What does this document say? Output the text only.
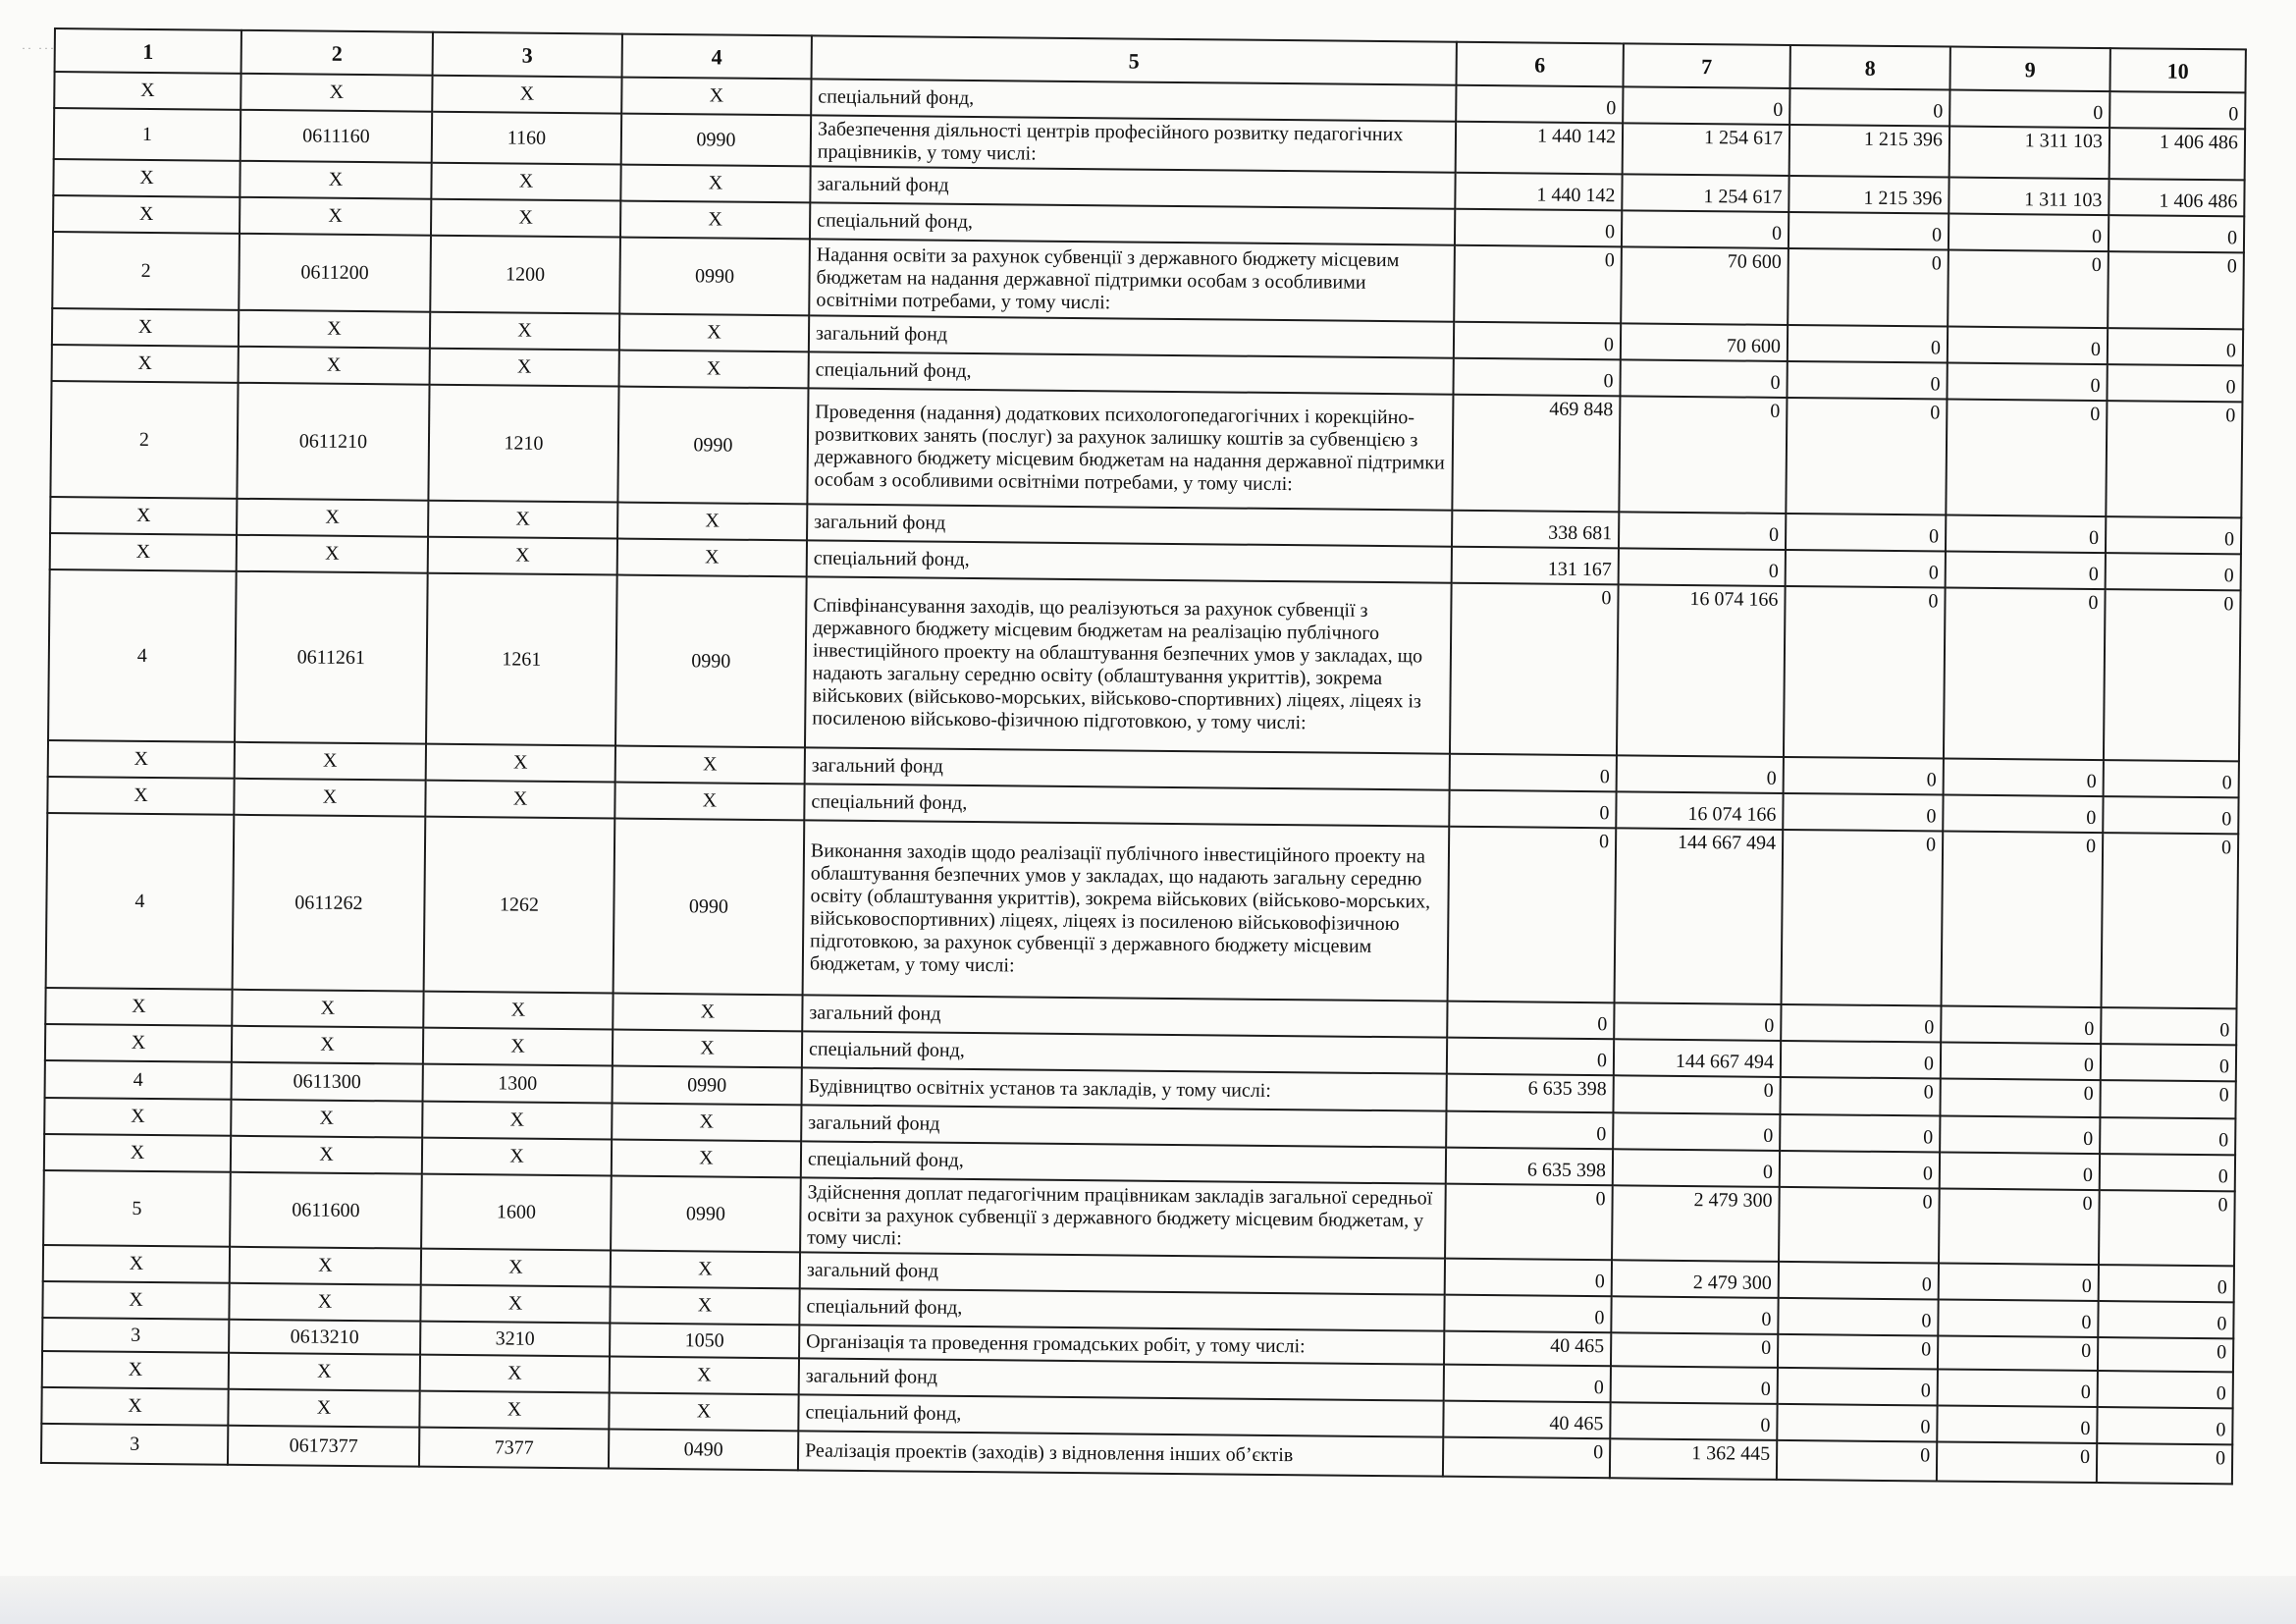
·· ···	1	2	3	4	5	6	7	8	9	10
X	X	X	X	спеціальний фонд,	0	0	0	0	0
1	0611160	1160	0990	Забезпечення діяльності центрів професійного розвитку педагогічних працівників, у тому числі:	1 440 142	1 254 617	1 215 396	1 311 103	1 406 486
X	X	X	X	загальний фонд	1 440 142	1 254 617	1 215 396	1 311 103	1 406 486
X	X	X	X	спеціальний фонд,	0	0	0	0	0
2	0611200	1200	0990	Надання освіти за рахунок субвенції з державного бюджету місцевим бюджетам на надання державної підтримки особам з особливими освітніми потребами, у тому числі:	0	70 600	0	0	0
X	X	X	X	загальний фонд	0	70 600	0	0	0
X	X	X	X	спеціальний фонд,	0	0	0	0	0
2	0611210	1210	0990	Проведення (надання) додаткових психологопедагогічних і корекційно-розвиткових занять (послуг) за рахунок залишку коштів за субвенцією з державного бюджету місцевим бюджетам на надання державної підтримки особам з особливими освітніми потребами, у тому числі:	469 848	0	0	0	0
X	X	X	X	загальний фонд	338 681	0	0	0	0
X	X	X	X	спеціальний фонд,	131 167	0	0	0	0
4	0611261	1261	0990	Співфінансування заходів, що реалізуються за рахунок субвенції з державного бюджету місцевим бюджетам на реалізацію публічного інвестиційного проекту на облаштування безпечних умов у закладах, що надають загальну середню освіту (облаштування укриттів), зокрема військових (військово-морських, військово-спортивних) ліцеях, ліцеях із посиленою військово-фізичною підготовкою, у тому числі:	0	16 074 166	0	0	0
X	X	X	X	загальний фонд	0	0	0	0	0
X	X	X	X	спеціальний фонд,	0	16 074 166	0	0	0
4	0611262	1262	0990	Виконання заходів щодо реалізації публічного інвестиційного проекту на облаштування безпечних умов у закладах, що надають загальну середню освіту (облаштування укриттів), зокрема військових (військово-морських, військовоспортивних) ліцеях, ліцеях із посиленою військовофізичною підготовкою, за рахунок субвенції з державного бюджету місцевим бюджетам, у тому числі:	0	144 667 494	0	0	0
X	X	X	X	загальний фонд	0	0	0	0	0
X	X	X	X	спеціальний фонд,	0	144 667 494	0	0	0
4	0611300	1300	0990	Будівництво освітніх установ та закладів, у тому числі:	6 635 398	0	0	0	0
X	X	X	X	загальний фонд	0	0	0	0	0
X	X	X	X	спеціальний фонд,	6 635 398	0	0	0	0
5	0611600	1600	0990	Здійснення доплат педагогічним працівникам закладів загальної середньої освіти за рахунок субвенції з державного бюджету місцевим бюджетам, у тому числі:	0	2 479 300	0	0	0
X	X	X	X	загальний фонд	0	2 479 300	0	0	0
X	X	X	X	спеціальний фонд,	0	0	0	0	0
3	0613210	3210	1050	Організація та проведення громадських робіт, у тому числі:	40 465	0	0	0	0
X	X	X	X	загальний фонд	0	0	0	0	0
X	X	X	X	спеціальний фонд,	40 465	0	0	0	0
3	0617377	7377	0490	Реалізація проектів (заходів) з відновлення інших об’єктів	0	1 362 445	0	0	0
